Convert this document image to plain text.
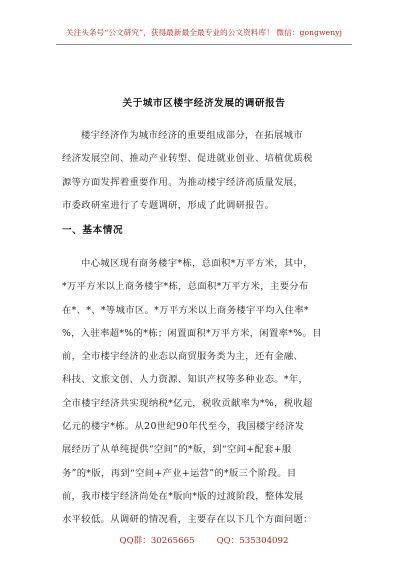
关注头条号“公文研究”，获得最新最全最专业的公文资料库！ 微信：gongwenyj
关于城市区楼宇经济发展的调研报告
楼宇经济作为城市经济的重要组成部分，在拓展城市
经济发展空间、推动产业转型、促进就业创业、培植优质税
源等方面发挥着重要作用。为推动楼宇经济高质量发展，
市委政研室进行了专题调研，形成了此调研报告。
一、基本情况
中心城区现有商务楼宇*栋，总面积*万平方米，其中，
*万平方米以上商务楼宇*栋，总面积*万平方米，主要分布
在*、*、*等城市区。*万平方米以上商务楼宇平均入住率*
%，入驻率超*%的*栋；闲置面积*万平方米，闲置率*%。目
前，全市楼宇经济的业态以商贸服务类为主，还有金融、
科技、文旅文创、人力资源、知识产权等多种业态。*年，
全市楼宇经济共实现纳税*亿元，税收贡献率为*%，税收超
亿元的楼宇*栋。从20世纪90年代至今，我国楼宇经济发
展经历了从单纯提供“空间”的*版，到“空间+配套+服
务”的*版，再到“空间+产业+运营”的*版三个阶段。目
前，我市楼宇经济尚处在*版向*版的过渡阶段，整体发展
水平较低。从调研的情况看，主要存在以下几个方面问题：
QQ群：30265665	QQ：535304092
